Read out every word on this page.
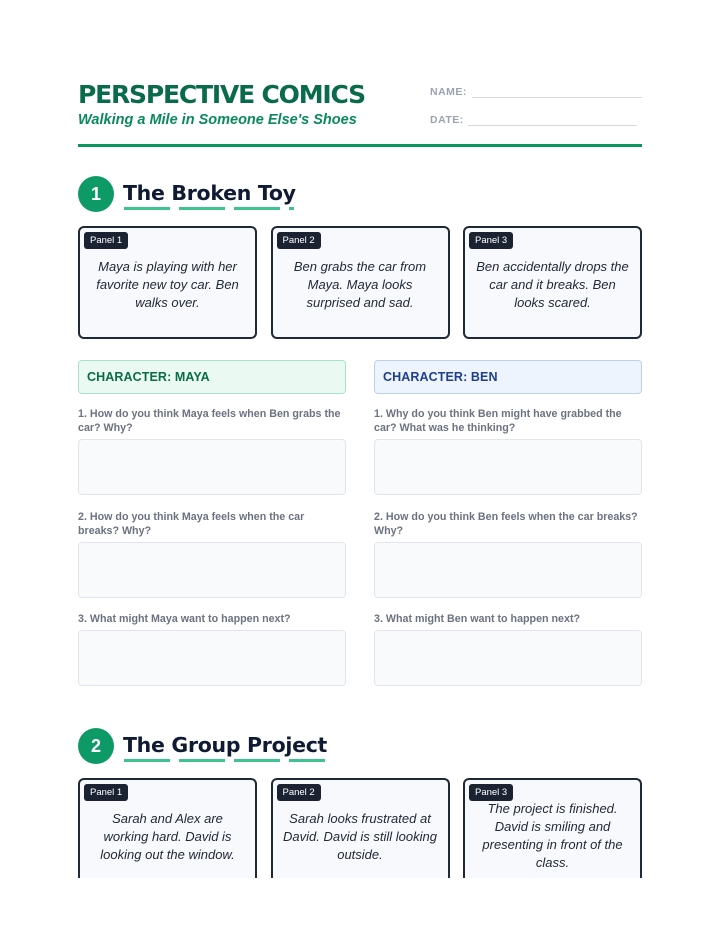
PERSPECTIVE COMICS
Walking a Mile in Someone Else's Shoes
NAME:
DATE:
1	The Broken Toy
Panel 1
Maya is playing with her favorite new toy car. Ben walks over.
Panel 2
Ben grabs the car from Maya. Maya looks surprised and sad.
Panel 3
Ben accidentally drops the car and it breaks. Ben looks scared.
CHARACTER: MAYA	CHARACTER: BEN
1. How do you think Maya feels when Ben grabs the car? Why?
2. How do you think Maya feels when the car breaks? Why?
3. What might Maya want to happen next?
1. Why do you think Ben might have grabbed the car? What was he thinking?
2. How do you think Ben feels when the car breaks? Why?
3. What might Ben want to happen next?
2	The Group Project
Panel 1
Sarah and Alex are working hard. David is looking out the window.
Panel 2
Sarah looks frustrated at David. David is still looking outside.
Panel 3
The project is finished. David is smiling and presenting in front of the class.
